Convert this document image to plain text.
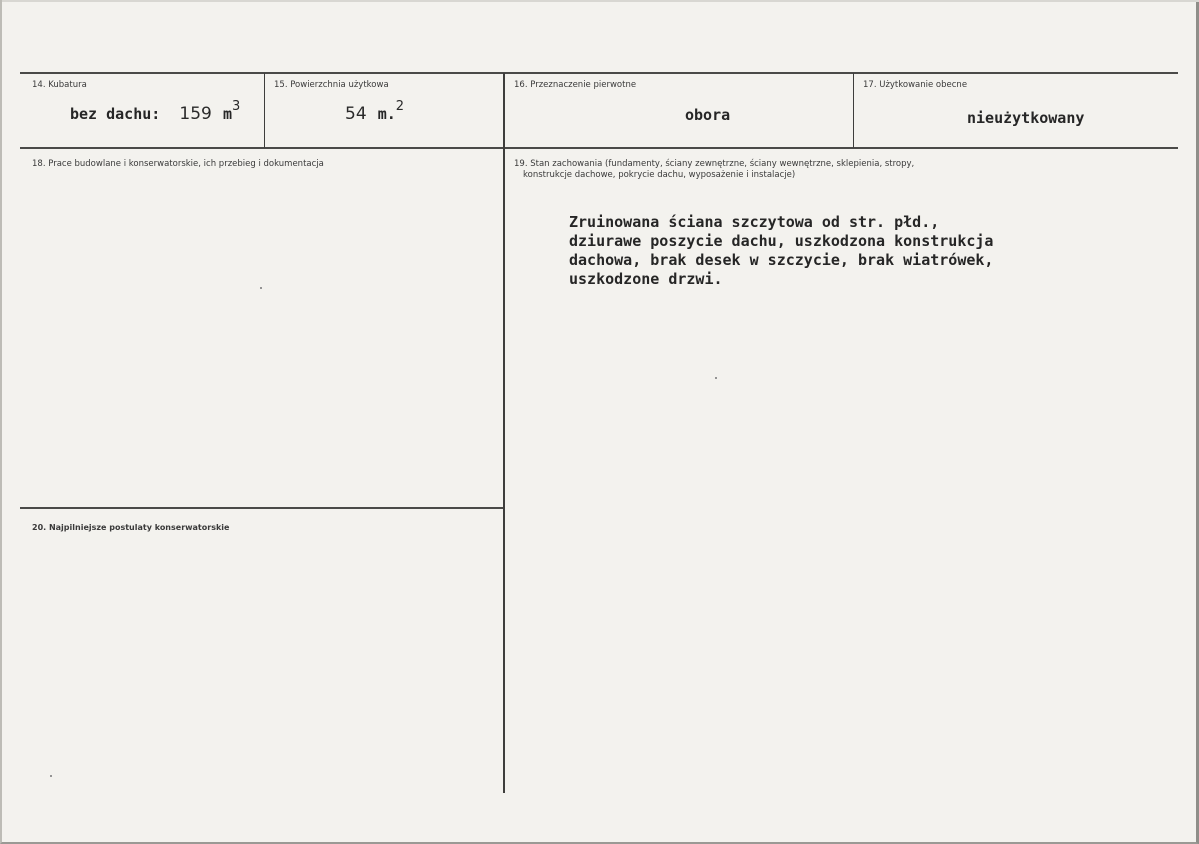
14. Kubatura
bez dachu: 159 $m^3$
15. Powierzchnia użytkowa
54 m.$^2$
16. Przeznaczenie pierwotne
obora
17. Użytkowanie obecne
nieużytkowany
18. Prace budowlane i konserwatorskie, ich przebieg i dokumentacja	19. Stan zachowania (fundamenty, ściany zewnętrzne, ściany wewnętrzne, sklepienia, stropy,
konstrukcje dachowe, pokrycie dachu, wyposażenie i instalacje)
Zruinowana ściana szczytowa od str. płd.,
dziurawe poszycie dachu, uszkodzona konstrukcja
dachowa, brak desek w szczycie, brak wiatrówek,
uszkodzone drzwi.
20. Najpilniejsze postulaty konserwatorskie
